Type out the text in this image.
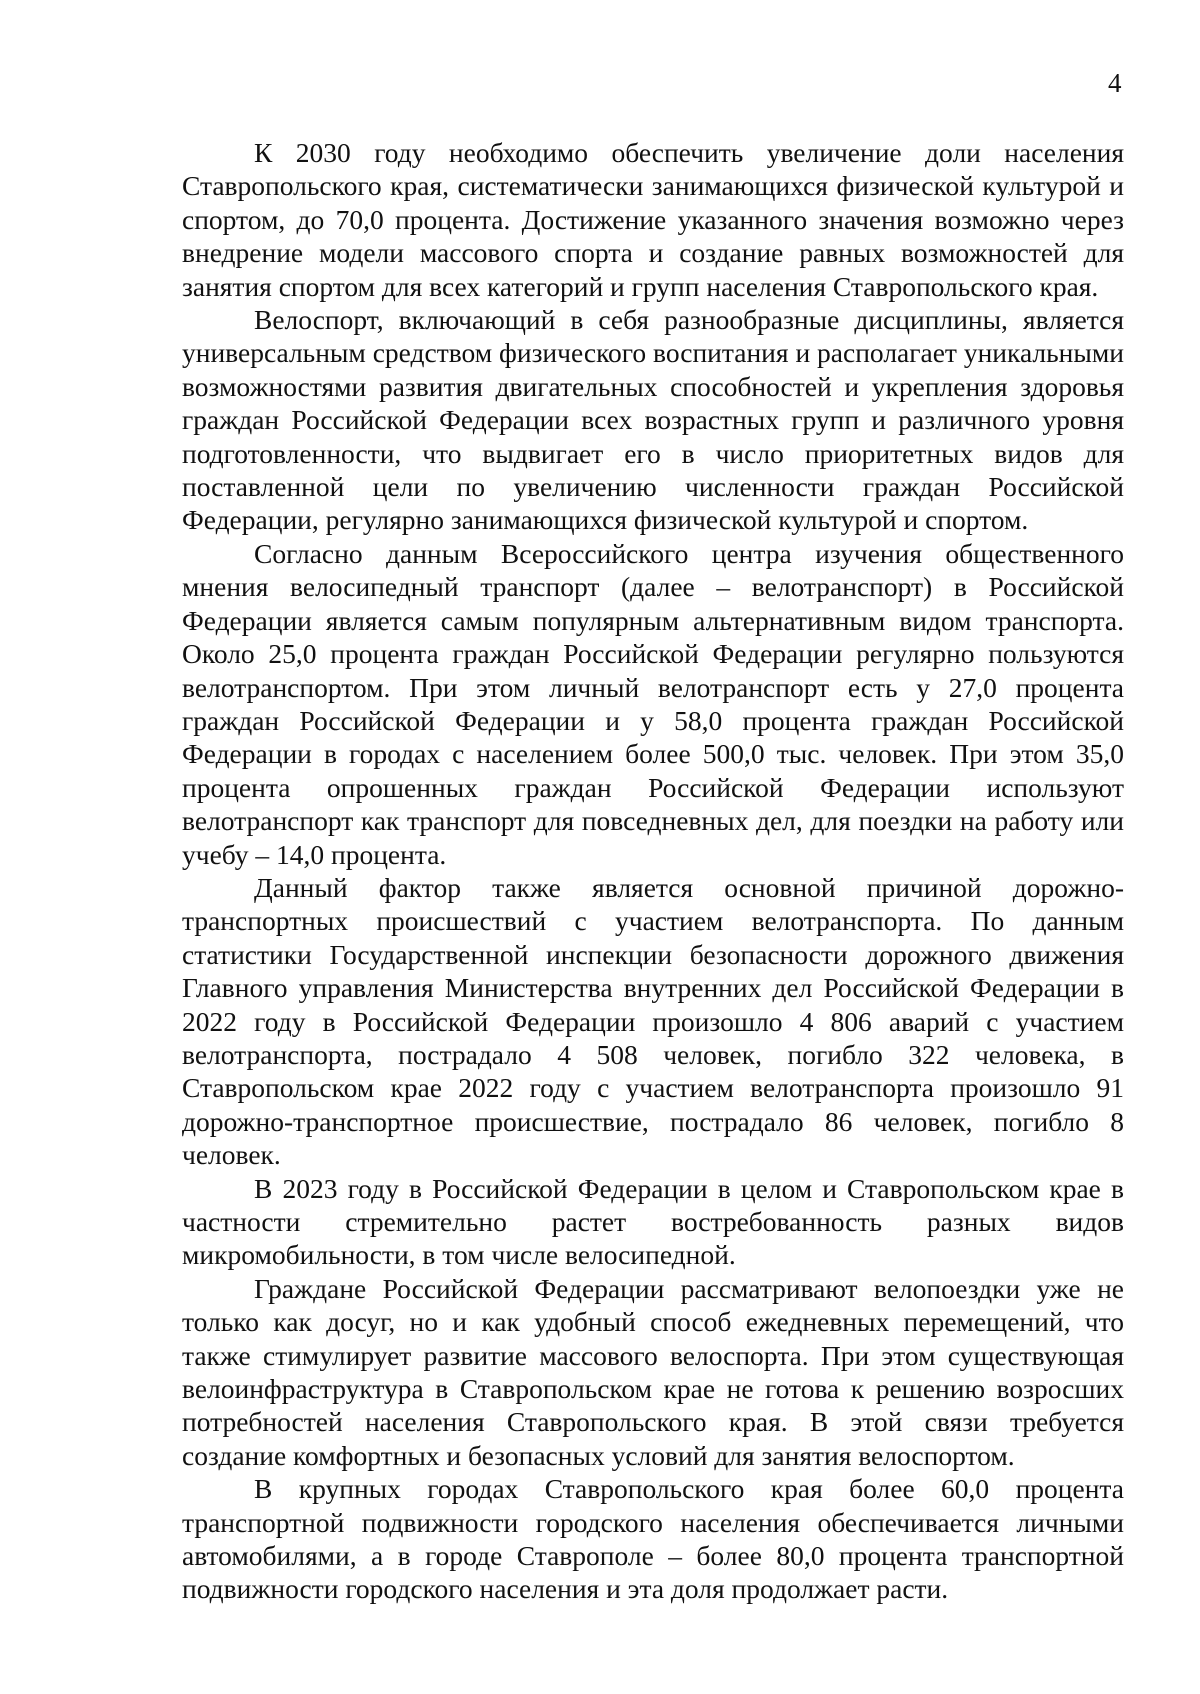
4

К 2030 году необходимо обеспечить увеличение доли населения Ставропольского края, систематически занимающихся физической культурой и спортом, до 70,0 процента. Достижение указанного значения возможно через внедрение модели массового спорта и создание равных возможностей для занятия спортом для всех категорий и групп населения Ставропольского края.

Велоспорт, включающий в себя разнообразные дисциплины, является универсальным средством физического воспитания и располагает уникальными возможностями развития двигательных способностей и укрепления здоровья граждан Российской Федерации всех возрастных групп и различного уровня подготовленности, что выдвигает его в число приоритетных видов для поставленной цели по увеличению численности граждан Российской Федерации, регулярно занимающихся физической культурой и спортом.

Согласно данным Всероссийского центра изучения общественного мнения велосипедный транспорт (далее – велотранспорт) в Российской Федерации является самым популярным альтернативным видом транспорта. Около 25,0 процента граждан Российской Федерации регулярно пользуются велотранспортом. При этом личный велотранспорт есть у 27,0 процента граждан Российской Федерации и у 58,0 процента граждан Российской Федерации в городах с населением более 500,0 тыс. человек. При этом 35,0 процента опрошенных граждан Российской Федерации используют велотранспорт как транспорт для повседневных дел, для поездки на работу или учебу – 14,0 процента.

Данный фактор также является основной причиной дорожно-транспортных происшествий с участием велотранспорта. По данным статистики Государственной инспекции безопасности дорожного движения Главного управления Министерства внутренних дел Российской Федерации в 2022 году в Российской Федерации произошло 4 806 аварий с участием велотранспорта, пострадало 4 508 человек, погибло 322 человека, в Ставропольском крае 2022 году с участием велотранспорта произошло 91 дорожно-транспортное происшествие, пострадало 86 человек, погибло 8 человек.

В 2023 году в Российской Федерации в целом и Ставропольском крае в частности стремительно растет востребованность разных видов микромобильности, в том числе велосипедной.

Граждане Российской Федерации рассматривают велопоездки уже не только как досуг, но и как удобный способ ежедневных перемещений, что также стимулирует развитие массового велоспорта. При этом существующая велоинфраструктура в Ставропольском крае не готова к решению возросших потребностей населения Ставропольского края. В этой связи требуется создание комфортных и безопасных условий для занятия велоспортом.

В крупных городах Ставропольского края более 60,0 процента транспортной подвижности городского населения обеспечивается личными автомобилями, а в городе Ставрополе – более 80,0 процента транспортной подвижности городского населения и эта доля продолжает расти.
